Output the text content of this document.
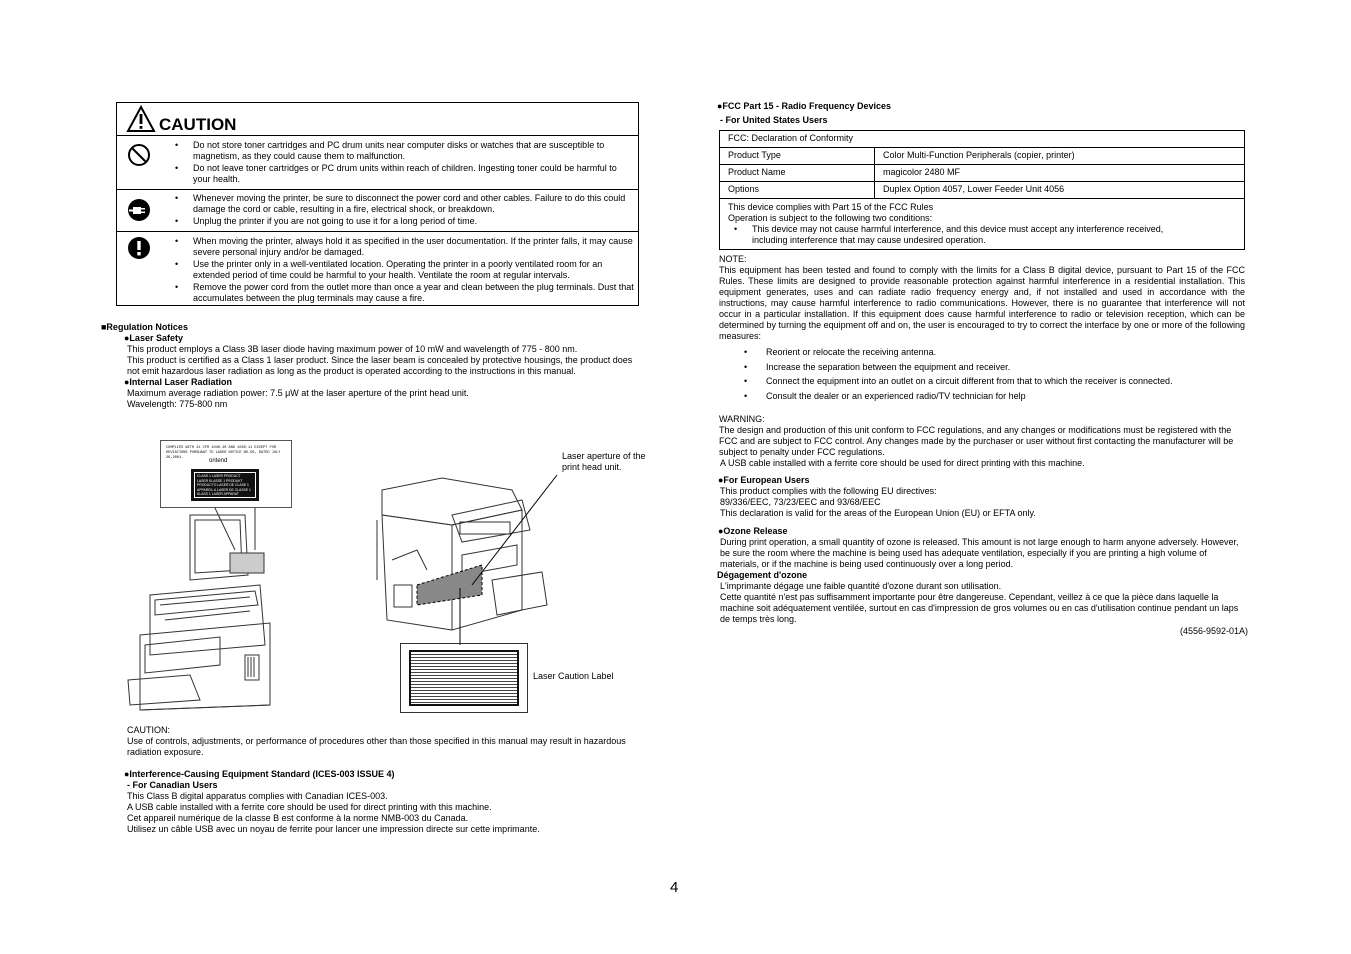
CAUTION
• Do not store toner cartridges and PC drum units near computer disks or watches that are susceptible to magnetism, as they could cause them to malfunction.
• Do not leave toner cartridges or PC drum units within reach of children. Ingesting toner could be harmful to your health.
• Whenever moving the printer, be sure to disconnect the power cord and other cables. Failure to do this could damage the cord or cable, resulting in a fire, electrical shock, or breakdown.
• Unplug the printer if you are not going to use it for a long period of time.
• When moving the printer, always hold it as specified in the user documentation. If the printer falls, it may cause severe personal injury and/or be damaged.
• Use the printer only in a well-ventilated location. Operating the printer in a poorly ventilated room for an extended period of time could be harmful to your health. Ventilate the room at regular intervals.
• Remove the power cord from the outlet more than once a year and clean between the plug terminals. Dust that accumulates between the plug terminals may cause a fire.
■Regulation Notices
●Laser Safety
This product employs a Class 3B laser diode having maximum power of 10 mW and wavelength of 775 - 800 nm.
This product is certified as a Class 1 laser product. Since the laser beam is concealed by protective housings, the product does not emit hazardous laser radiation as long as the product is operated according to the instructions in this manual.
●Internal Laser Radiation
Maximum average radiation power: 7.5 μW at the laser aperture of the print head unit.
Wavelength: 775-800 nm
COMPLIES WITH 21 CFR 1040.10 AND 1040.11 EXCEPT FOR DEVIATIONS PURSUANT TO LASER NOTICE NO.50, DATED JULY 26,2001.	ontend
CLASS 1 LASER PRODUCT
LASER KLASSE 1 PRODUKT
PRODUCTO LASER DE CLASE 1
APPAREIL A LASER DE CLASSE 1
KLASS 1 LASER APPARAT
Laser aperture of the print head unit.
Laser Caution Label
CAUTION:
Use of controls, adjustments, or performance of procedures other than those specified in this manual may result in hazardous radiation exposure.
●Interference-Causing Equipment Standard (ICES-003 ISSUE 4)
- For Canadian Users
This Class B digital apparatus complies with Canadian ICES-003.
A USB cable installed with a ferrite core should be used for direct printing with this machine.
Cet appareil numérique de la classe B est conforme à la norme NMB-003 du Canada.
Utilisez un câble USB avec un noyau de ferrite pour lancer une impression directe sur cette imprimante.
●FCC Part 15 - Radio Frequency Devices
- For United States Users
FCC: Declaration of Conformity	
Product Type	Color Multi-Function Peripherals (copier, printer)
Product Name	magicolor 2480 MF
Options	Duplex Option 4057, Lower Feeder Unit 4056

This device complies with Part 15 of the FCC Rules
Operation is subject to the following two conditions:
• This device may not cause harmful interference, and this device must accept any interference received, including interference that may cause undesired operation.	
NOTE:
This equipment has been tested and found to comply with the limits for a Class B digital device, pursuant to Part 15 of the FCC Rules. These limits are designed to provide reasonable protection against harmful interference in a residential installation. This equipment generates, uses and can radiate radio frequency energy and, if not installed and used in accordance with the instructions, may cause harmful interference to radio communications. However, there is no guarantee that interference will not occur in a particular installation. If this equipment does cause harmful interference to radio or television reception, which can be determined by turning the equipment off and on, the user is encouraged to try to correct the interface by one or more of the following measures:
• Reorient or relocate the receiving antenna.
• Increase the separation between the equipment and receiver.
• Connect the equipment into an outlet on a circuit different from that to which the receiver is connected.
• Consult the dealer or an experienced radio/TV technician for help
WARNING:
The design and production of this unit conform to FCC regulations, and any changes or modifications must be registered with the FCC and are subject to FCC control. Any changes made by the purchaser or user without first contacting the manufacturer will be subject to penalty under FCC regulations.
A USB cable installed with a ferrite core should be used for direct printing with this machine.
●For European Users
This product complies with the following EU directives:
89/336/EEC, 73/23/EEC and 93/68/EEC
This declaration is valid for the areas of the European Union (EU) or EFTA only.
●Ozone Release
During print operation, a small quantity of ozone is released. This amount is not large enough to harm anyone adversely. However, be sure the room where the machine is being used has adequate ventilation, especially if you are printing a high volume of materials, or if the machine is being used continuously over a long period.
Dégagement d'ozone
L'imprimante dégage une faible quantité d'ozone durant son utilisation.
Cette quantité n'est pas suffisamment importante pour être dangereuse. Cependant, veillez à ce que la pièce dans laquelle la machine soit adéquatement ventilée, surtout en cas d'impression de gros volumes ou en cas d'utilisation continue pendant un laps de temps très long.
(4556-9592-01A)
4
